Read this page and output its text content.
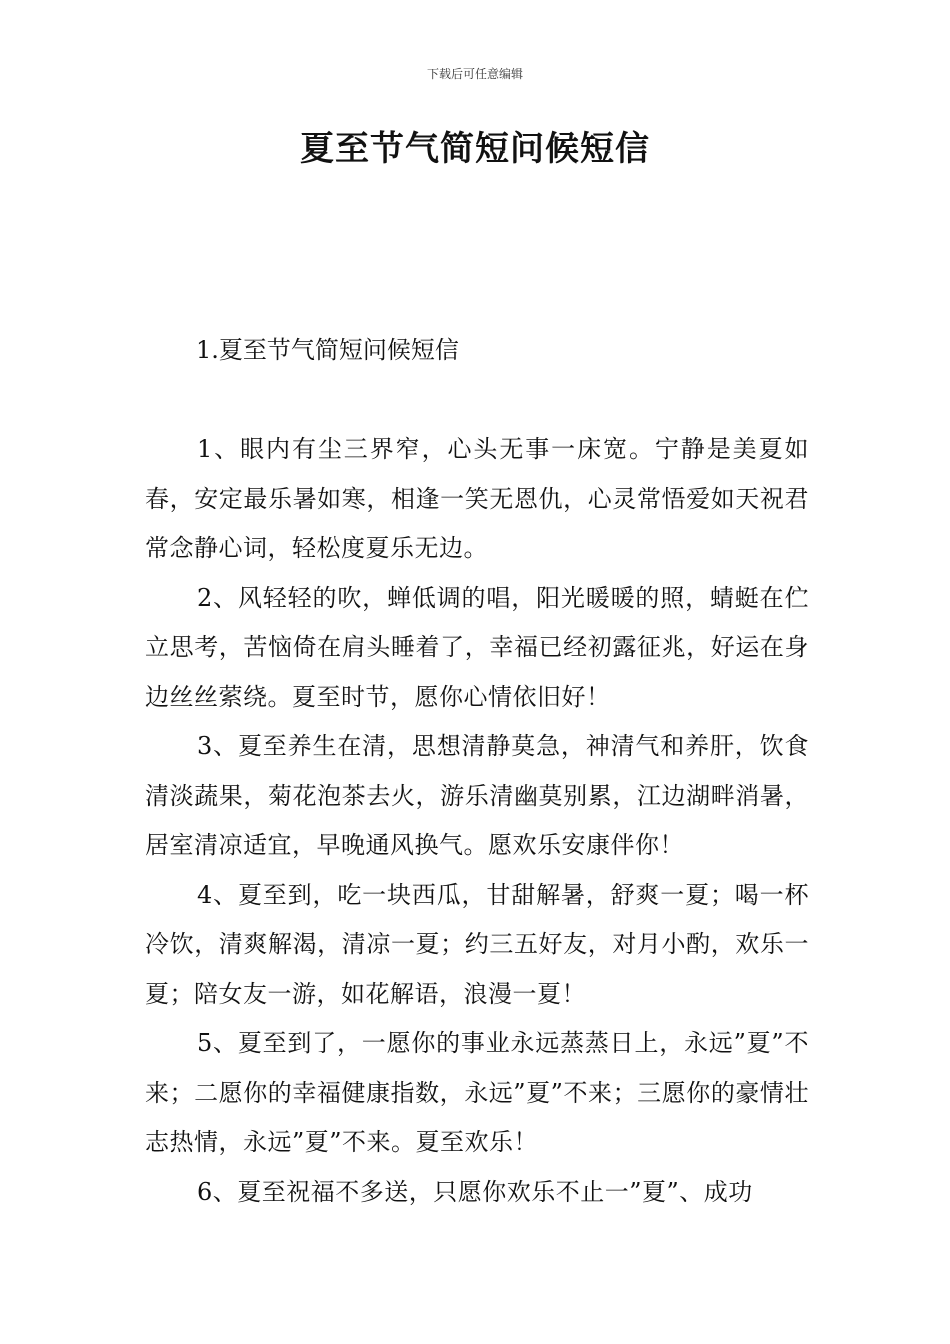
下载后可任意编辑
夏至节气简短问候短信
1.夏至节气简短问候短信

1、眼内有尘三界窄，心头无事一床宽。宁静是美夏如春，安定最乐暑如寒，相逢一笑无恩仇，心灵常悟爱如天祝君常念静心词，轻松度夏乐无边。

2、风轻轻的吹，蝉低调的唱，阳光暖暖的照，蜻蜓在伫立思考，苦恼倚在肩头睡着了，幸福已经初露征兆，好运在身边丝丝萦绕。夏至时节，愿你心情依旧好！

3、夏至养生在清，思想清静莫急，神清气和养肝，饮食清淡蔬果，菊花泡茶去火，游乐清幽莫别累，江边湖畔消暑，居室清凉适宜，早晚通风换气。愿欢乐安康伴你！

4、夏至到，吃一块西瓜，甘甜解暑，舒爽一夏；喝一杯冷饮，清爽解渴，清凉一夏；约三五好友，对月小酌，欢乐一夏；陪女友一游，如花解语，浪漫一夏！

5、夏至到了，一愿你的事业永远蒸蒸日上，永远”夏”不来；二愿你的幸福健康指数，永远”夏”不来；三愿你的豪情壮志热情，永远”夏”不来。夏至欢乐！

6、夏至祝福不多送，只愿你欢乐不止一”夏”、成功
